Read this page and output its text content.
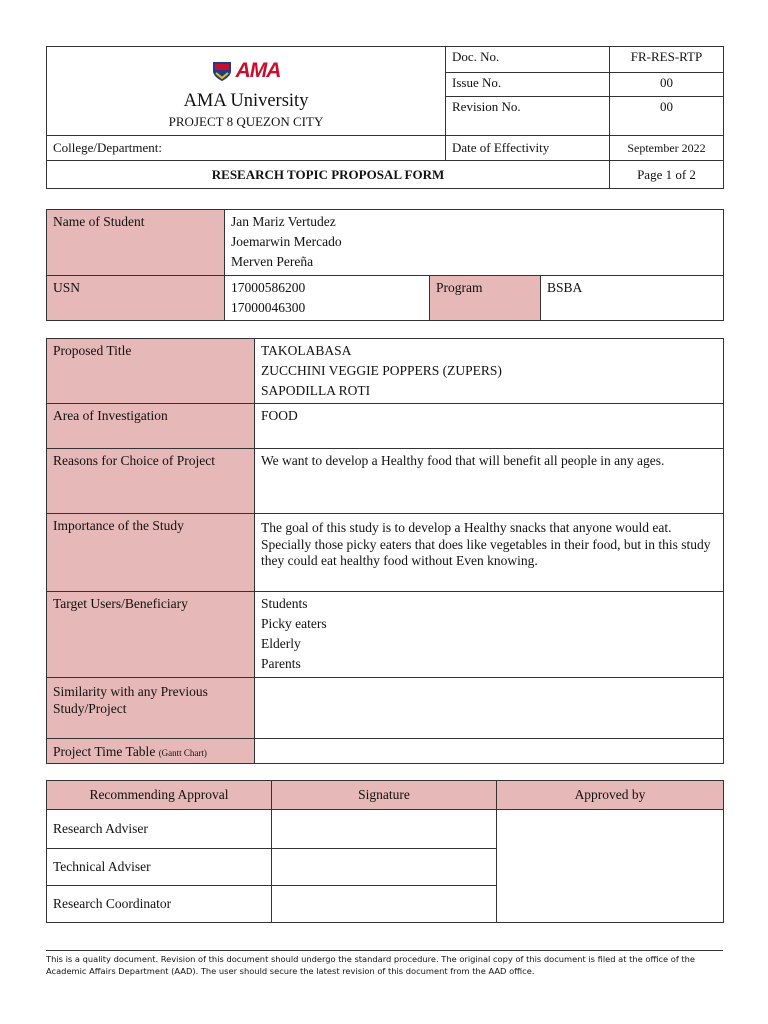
AMA
AMA University
PROJECT 8 QUEZON CITY	Doc. No.	FR-RES-RTP
	Issue No.	00
	Revision No.	00
College/Department:	Date of Effectivity	September 2022
RESEARCH TOPIC PROPOSAL FORM		Page 1 of 2
Name of Student	Jan Mariz Vertudez
Joemarwin Mercado
Merven Pereña		

USN	17000586200
17000046300	Program	BSBA
Proposed Title	TAKOLABASA
ZUCCHINI VEGGIE POPPERS (ZUPERS)
SAPODILLA ROTI

Area of Investigation	FOOD
Reasons for Choice of Project	We want to develop a Healthy food that will benefit all people in any ages.
Importance of the Study	The goal of this study is to develop a Healthy snacks that anyone would eat. Specially those picky eaters that does like vegetables in their food, but in this study they could eat healthy food without Even knowing.
Target Users/Beneficiary	Students
Picky eaters
Elderly
Parents

Similarity with any Previous Study/Project	
Project Time Table (Gantt Chart)	
Recommending Approval	Signature	Approved by
Research Adviser		
Technical Adviser		
Research Coordinator		
This is a quality document. Revision of this document should undergo the standard procedure. The original copy of this document is filed at the office of the Academic Affairs Department (AAD). The user should secure the latest revision of this document from the AAD office.
